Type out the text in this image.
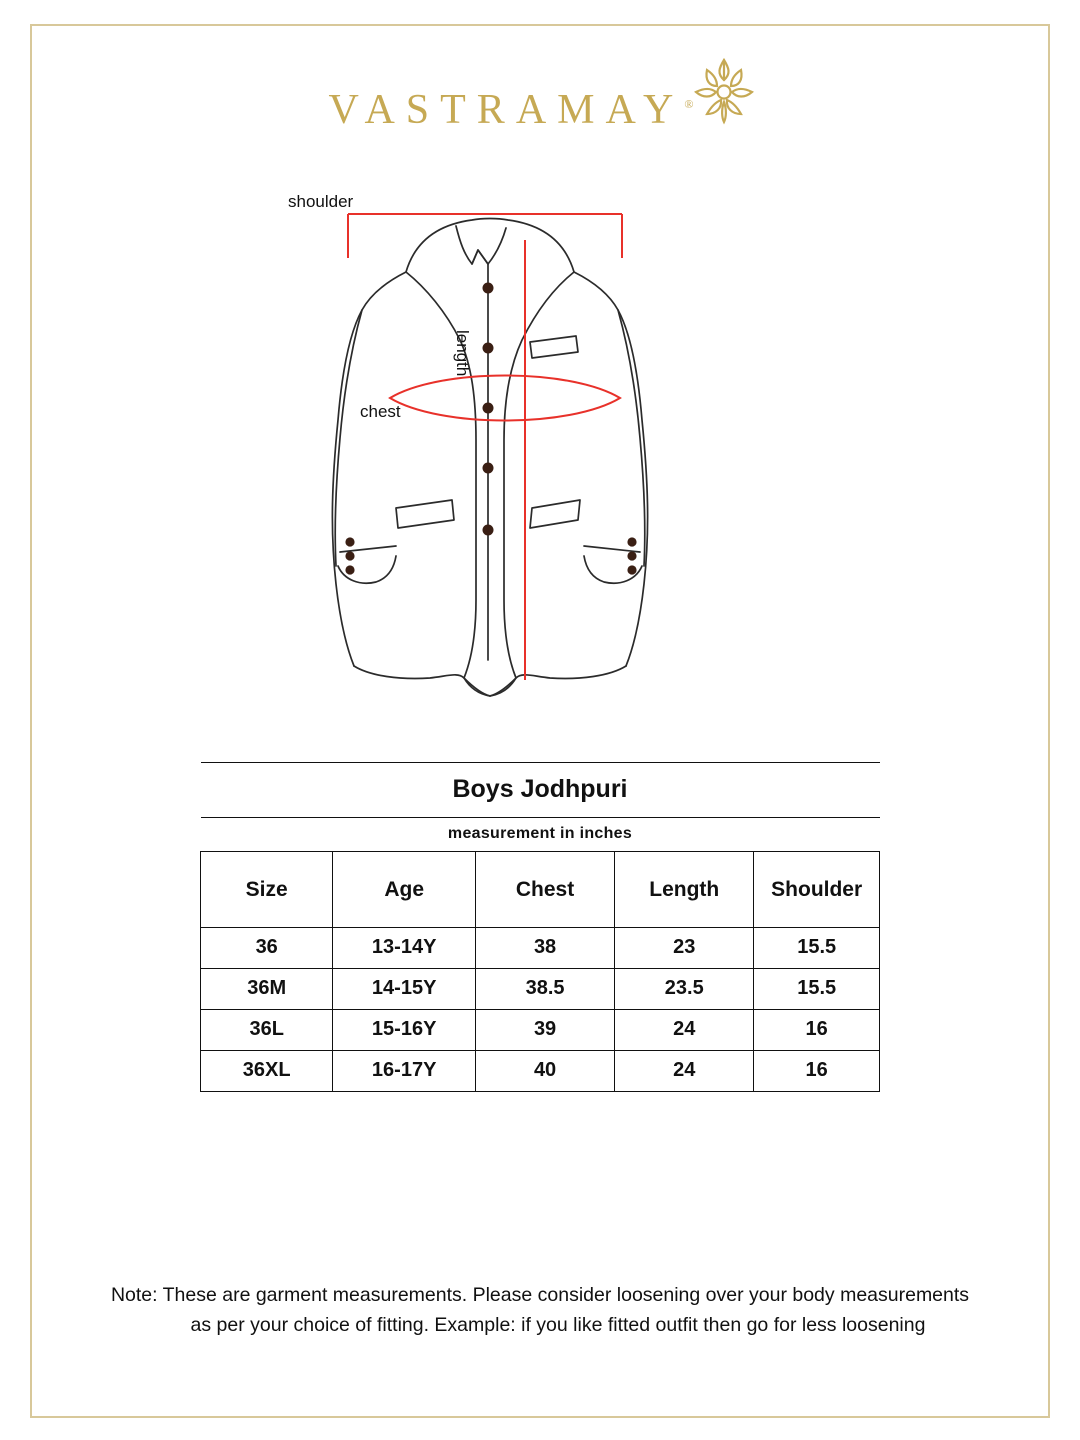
VASTRAMAY®
shoulder
chest
length
Boys Jodhpuri				
measurement in inches				
Size	Age	Chest	Length	Shoulder
36	13-14Y	38	23	15.5
36M	14-15Y	38.5	23.5	15.5
36L	15-16Y	39	24	16
36XL	16-17Y	40	24	16
Note: These are garment measurements. Please consider loosening over your body measurements
as per your choice of fitting. Example: if you like fitted outfit then go for less loosening
